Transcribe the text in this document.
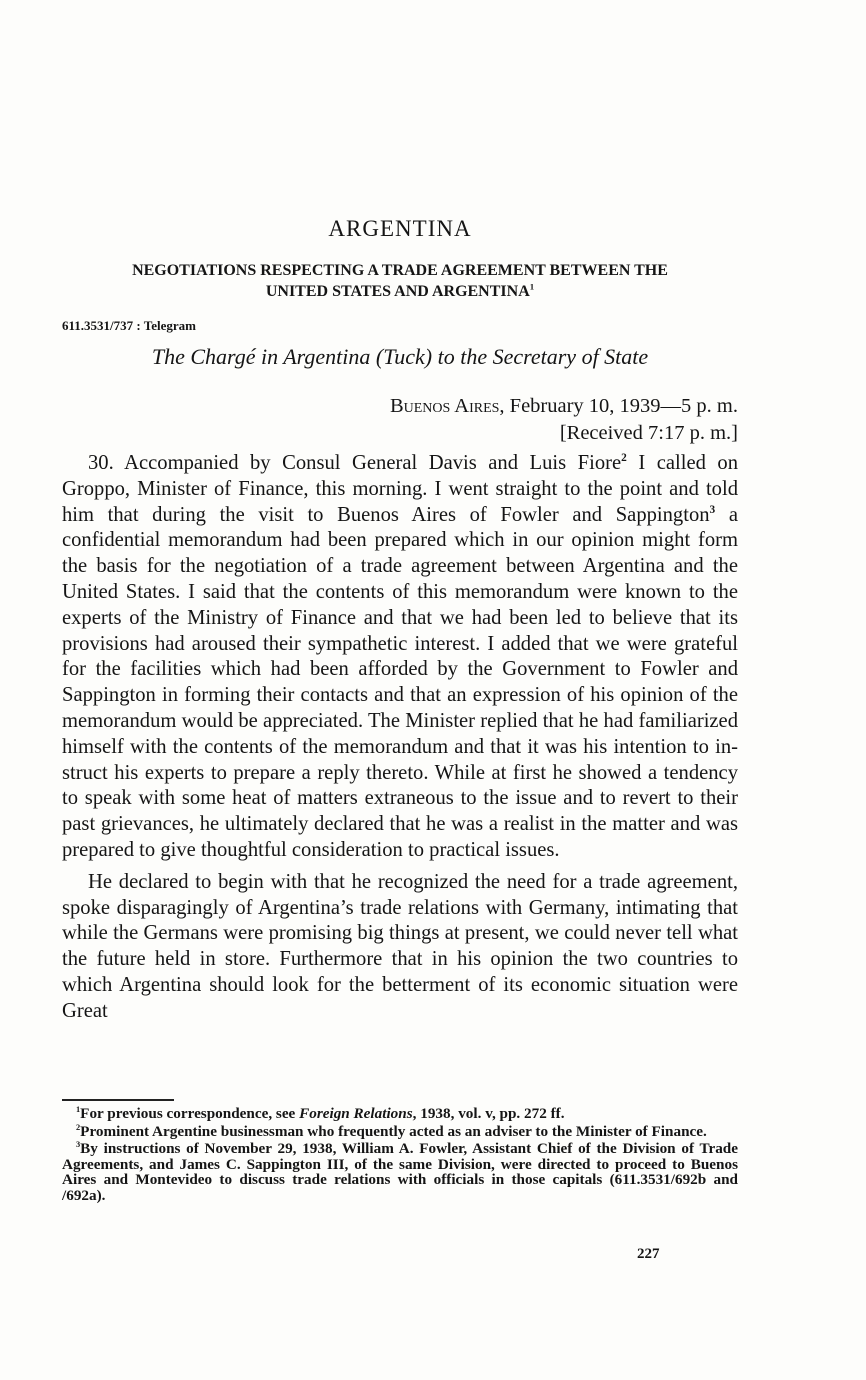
ARGENTINA
NEGOTIATIONS RESPECTING A TRADE AGREEMENT BETWEEN THE
UNITED STATES AND ARGENTINA$^1$
611.3531/737 : Telegram
The Chargé in Argentina (Tuck) to the Secretary of State
Buenos Aires, February 10, 1939—5 p. m.
[Received 7:17 p. m.]

30. Accompanied by Consul General Davis and Luis Fiore$^2$ I called on Groppo, Minister of Finance, this morning. I went straight to the point and told him that during the visit to Buenos Aires of Fowler and Sappington$^3$ a confidential memorandum had been prepared which in our opinion might form the basis for the negotiation of a trade agreement between Argentina and the United States. I said that the contents of this memorandum were known to the experts of the Ministry of Finance and that we had been led to believe that its provisions had aroused their sympathetic interest. I added that we were grateful for the facilities which had been afforded by the Government to Fowler and Sappington in forming their contacts and that an expression of his opinion of the memorandum would be appreciated. The Minister replied that he had familiarized himself with the contents of the memorandum and that it was his intention to instruct his experts to prepare a reply thereto. While at first he showed a tendency to speak with some heat of matters extraneous to the issue and to revert to their past grievances, he ultimately declared that he was a realist in the matter and was prepared to give thoughtful consideration to practical issues.

He declared to begin with that he recognized the need for a trade agreement, spoke disparagingly of Argentina’s trade relations with Germany, intimating that while the Germans were promising big things at present, we could never tell what the future held in store. Furthermore that in his opinion the two countries to which Argentina should look for the betterment of its economic situation were Great

$^1$For previous correspondence, see Foreign Relations, 1938, vol. v, pp. 272 ff.
$^2$Prominent Argentine businessman who frequently acted as an adviser to the Minister of Finance.
$^3$By instructions of November 29, 1938, William A. Fowler, Assistant Chief of the Division of Trade Agreements, and James C. Sappington III, of the same Division, were directed to proceed to Buenos Aires and Montevideo to discuss trade relations with officials in those capitals (611.3531/692b and /692a).
227
